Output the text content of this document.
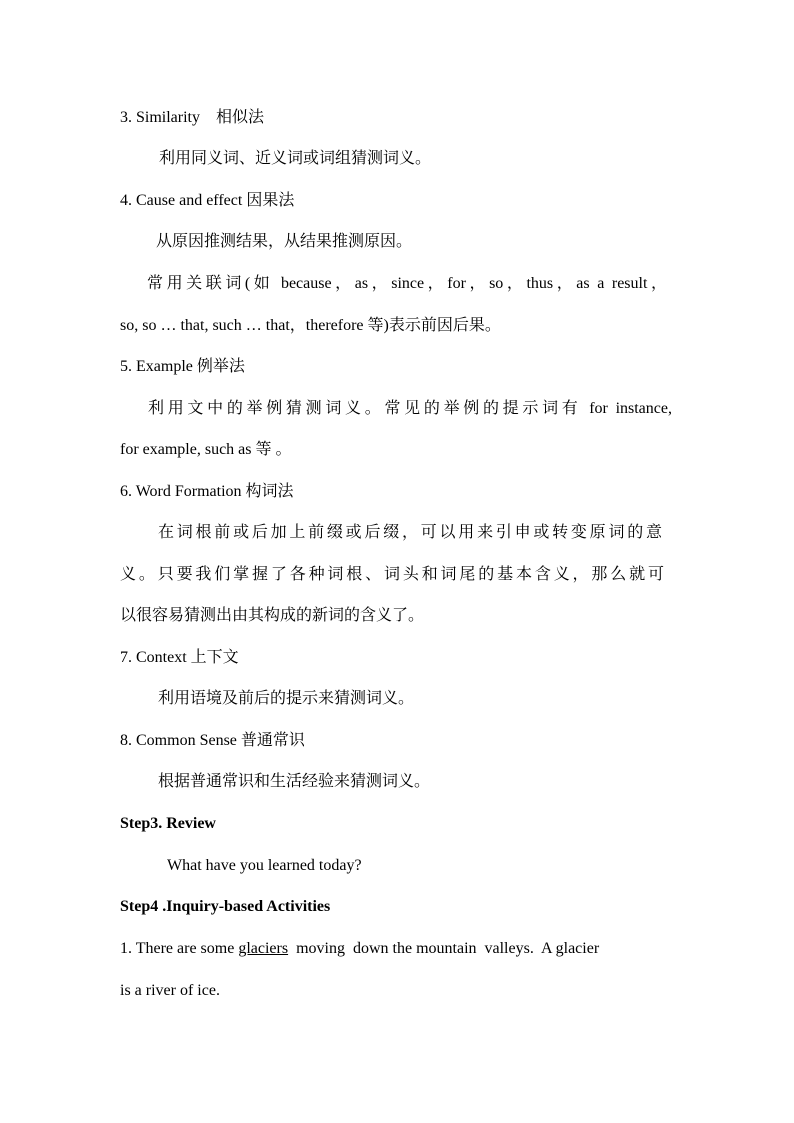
3. Similarity　相似法
利用同义词、近义词或词组猜测词义。
4. Cause and effect 因果法
从原因推测结果，从结果推测原因。
常用关联词(如 because，as，since，for，so，thus，as a result，
so, so … that, such … that，therefore 等)表示前因后果。
5. Example 例举法
利用文中的举例猜测词义。常见的举例的提示词有 for instance,
for example, such as 等 。
6. Word Formation 构词法
在词根前或后加上前缀或后缀，可以用来引申或转变原词的意
义。只要我们掌握了各种词根、词头和词尾的基本含义，那么就可
以很容易猜测出由其构成的新词的含义了。
7. Context 上下文
利用语境及前后的提示来猜测词义。
8. Common Sense 普通常识
根据普通常识和生活经验来猜测词义。
Step3. Review
What have you learned today?
Step4 .Inquiry-based Activities
1. There are some glaciers  moving  down the mountain  valleys.  A glacier
is a river of ice.
